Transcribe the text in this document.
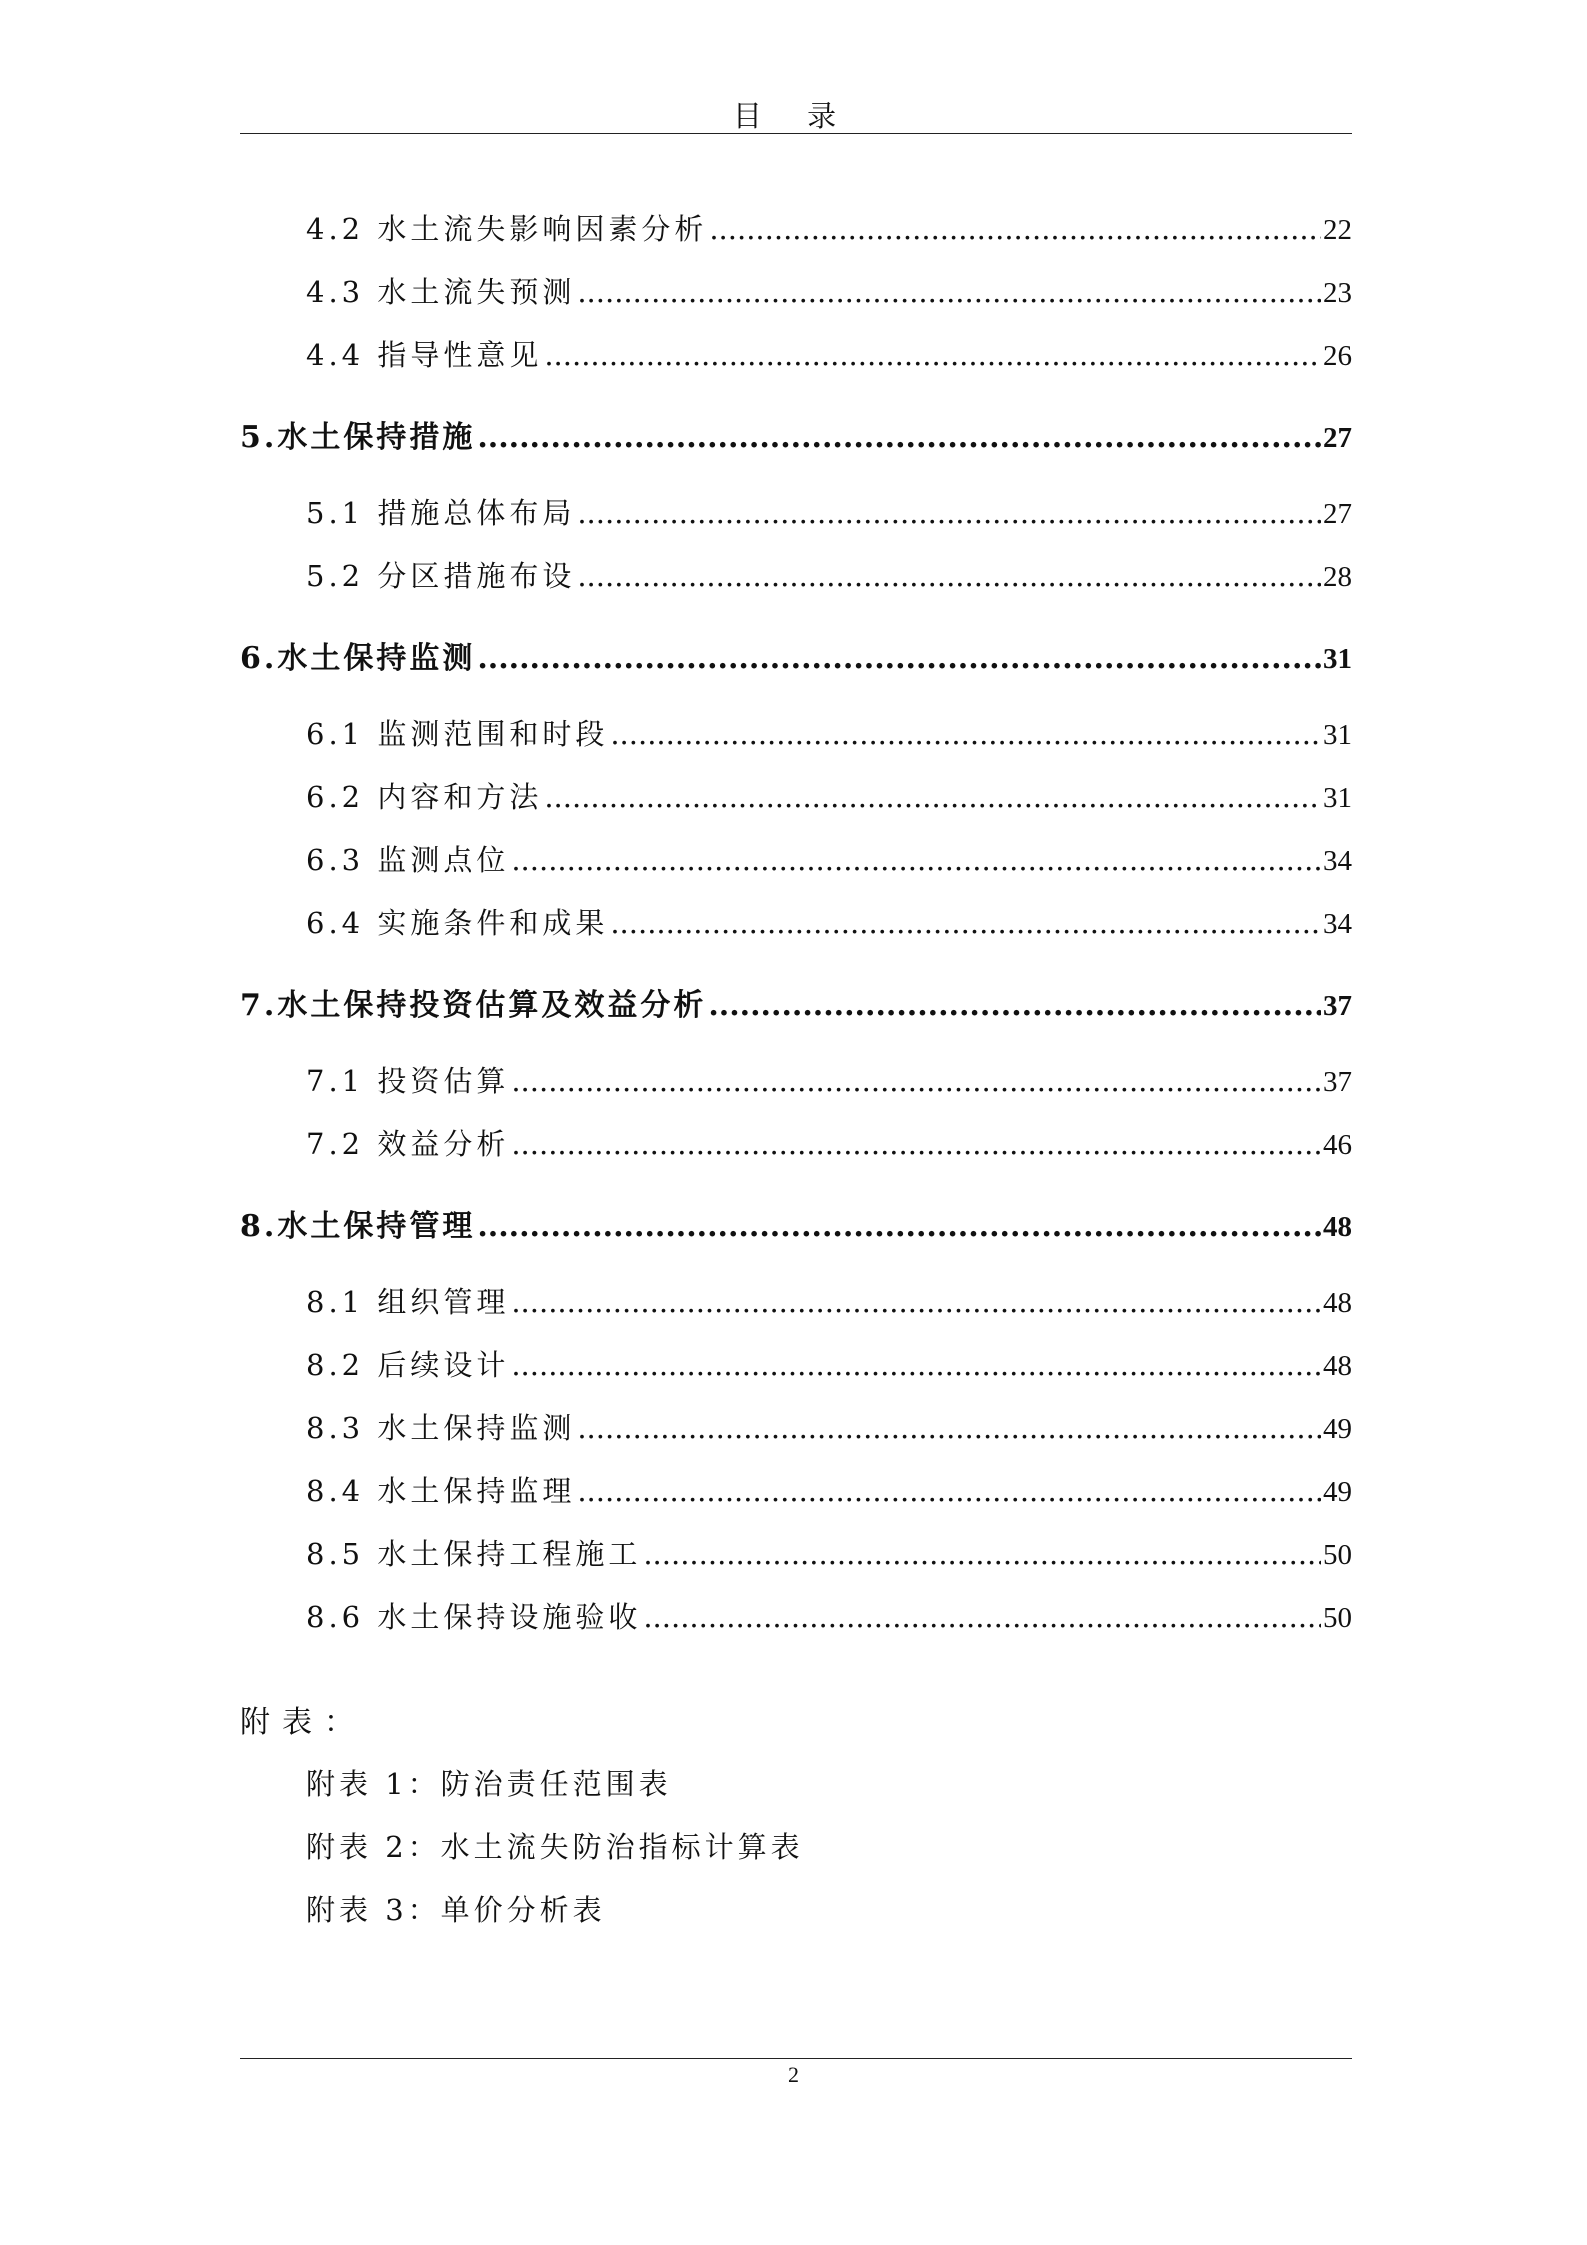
目 录
4.2 水土流失影响因素分析 .....	22
4.3 水土流失预测 .....	23
4.4 指导性意见 .....	26
5.水土保持措施 .....	27
5.1 措施总体布局 .....	27
5.2 分区措施布设 .....	28
6.水土保持监测 .....	31
6.1 监测范围和时段 .....	31
6.2 内容和方法 .....	31
6.3 监测点位 .....	34
6.4 实施条件和成果 .....	34
7.水土保持投资估算及效益分析 .....	37
7.1 投资估算 .....	37
7.2 效益分析 .....	46
8.水土保持管理 .....	48
8.1 组织管理 .....	48
8.2 后续设计 .....	48
8.3 水土保持监测 .....	49
8.4 水土保持监理 .....	49
8.5 水土保持工程施工 .....	50
8.6 水土保持设施验收 .....	50
附表：
附表 1：防治责任范围表
附表 2：水土流失防治指标计算表
附表 3：单价分析表
2
